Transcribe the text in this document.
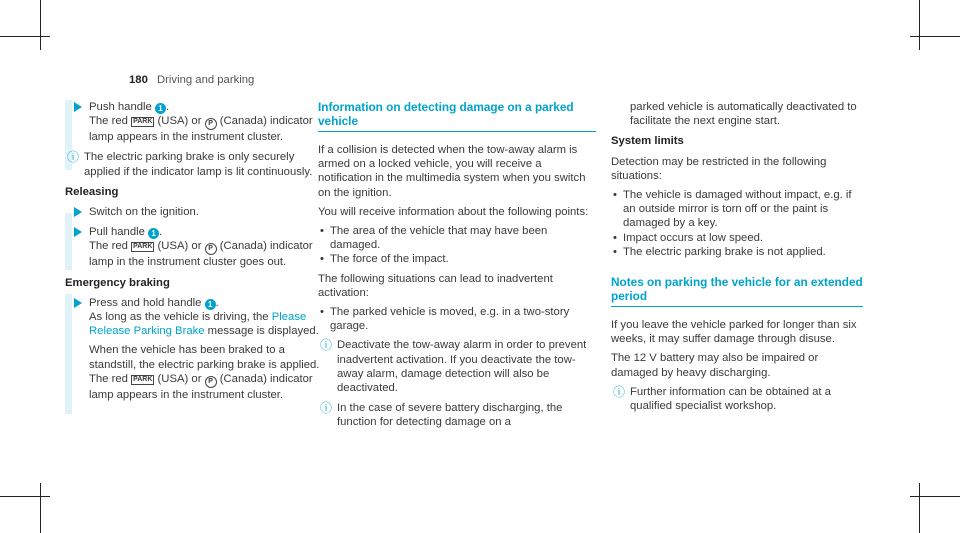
180 Driving and parking
Push handle 1 .
The red PARK (USA) or P (Canada) indicator lamp appears in the instrument cluster.
ⓘ The electric parking brake is only securely applied if the indicator lamp is lit continuously.
Releasing
Switch on the ignition.
Pull handle 1 .
The red PARK (USA) or P (Canada) indicator lamp in the instrument cluster goes out.
Emergency braking
Press and hold handle 1 .
As long as the vehicle is driving, the Please Release Parking Brake message is displayed.

When the vehicle has been braked to a standstill, the electric parking brake is applied. The red PARK (USA) or P (Canada) indicator lamp appears in the instrument cluster.

Information on detecting damage on a parked vehicle

If a collision is detected when the tow-away alarm is armed on a locked vehicle, you will receive a notification in the multimedia system when you switch on the ignition.

You will receive information about the following points:

• The area of the vehicle that may have been damaged.
• The force of the impact.

The following situations can lead to inadvertent activation:

• The parked vehicle is moved, e.g. in a two-story garage.
ⓘ Deactivate the tow-away alarm in order to prevent inadvertent activation. If you deactivate the tow-away alarm, damage detection will also be deactivated.
ⓘ In the case of severe battery discharging, the function for detecting damage on a

parked vehicle is automatically deactivated to facilitate the next engine start.

System limits

Detection may be restricted in the following situations:

• The vehicle is damaged without impact, e.g. if an outside mirror is torn off or the paint is damaged by a key.
• Impact occurs at low speed.
• The electric parking brake is not applied.
Notes on parking the vehicle for an extended period

If you leave the vehicle parked for longer than six weeks, it may suffer damage through disuse.

The 12 V battery may also be impaired or damaged by heavy discharging.

ⓘ Further information can be obtained at a qualified specialist workshop.
